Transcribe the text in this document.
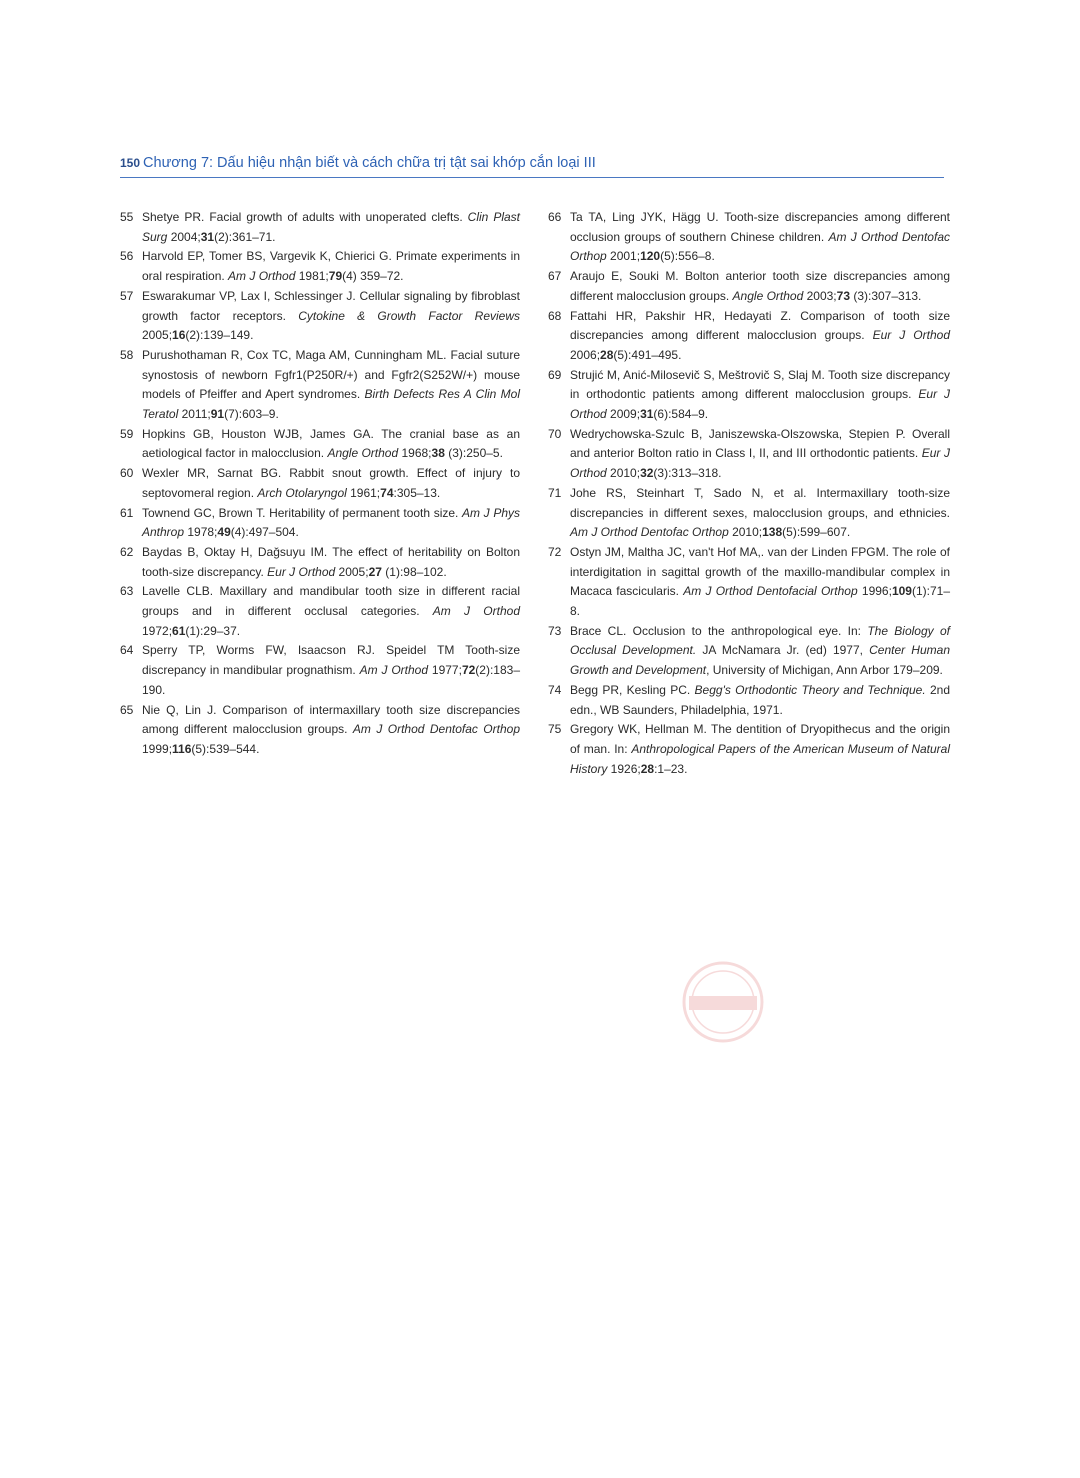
150 Chương 7: Dấu hiệu nhận biết và cách chữa trị tật sai khớp cắn loại III

55 Shetye PR. Facial growth of adults with unoperated clefts. Clin Plast Surg 2004;31(2):361–71.

56 Harvold EP, Tomer BS, Vargevik K, Chierici G. Primate experiments in oral respiration. Am J Orthod 1981;79(4) 359–72.

57 Eswarakumar VP, Lax I, Schlessinger J. Cellular signaling by fibroblast growth factor receptors. Cytokine & Growth Factor Reviews 2005;16(2):139–149.

58 Purushothaman R, Cox TC, Maga AM, Cunningham ML. Facial suture synostosis of newborn Fgfr1(P250R/+) and Fgfr2(S252W/+) mouse models of Pfeiffer and Apert syndromes. Birth Defects Res A Clin Mol Teratol 2011;91(7):603–9.

59 Hopkins GB, Houston WJB, James GA. The cranial base as an aetiological factor in malocclusion. Angle Orthod 1968;38 (3):250–5.

60 Wexler MR, Sarnat BG. Rabbit snout growth. Effect of injury to septovomeral region. Arch Otolaryngol 1961;74:305–13.

61 Townend GC, Brown T. Heritability of permanent tooth size. Am J Phys Anthrop 1978;49(4):497–504.

62 Baydas B, Oktay H, Dağsuyu IM. The effect of heritability on Bolton tooth-size discrepancy. Eur J Orthod 2005;27 (1):98–102.

63 Lavelle CLB. Maxillary and mandibular tooth size in different racial groups and in different occlusal categories. Am J Orthod 1972;61(1):29–37.

64 Sperry TP, Worms FW, Isaacson RJ. Speidel TM Tooth-size discrepancy in mandibular prognathism. Am J Orthod 1977;72(2):183–190.

65 Nie Q, Lin J. Comparison of intermaxillary tooth size discrepancies among different malocclusion groups. Am J Orthod Dentofac Orthop 1999;116(5):539–544.

66 Ta TA, Ling JYK, Hägg U. Tooth-size discrepancies among different occlusion groups of southern Chinese children. Am J Orthod Dentofac Orthop 2001;120(5):556–8.

67 Araujo E, Souki M. Bolton anterior tooth size discrepancies among different malocclusion groups. Angle Orthod 2003;73 (3):307–313.

68 Fattahi HR, Pakshir HR, Hedayati Z. Comparison of tooth size discrepancies among different malocclusion groups. Eur J Orthod 2006;28(5):491–495.

69 Strujić M, Anić-Milosevič S, Meštrovič S, Slaj M. Tooth size discrepancy in orthodontic patients among different malocclusion groups. Eur J Orthod 2009;31(6):584–9.

70 Wedrychowska-Szulc B, Janiszewska-Olszowska, Stepien P. Overall and anterior Bolton ratio in Class I, II, and III orthodontic patients. Eur J Orthod 2010;32(3):313–318.

71 Johe RS, Steinhart T, Sado N, et al. Intermaxillary tooth-size discrepancies in different sexes, malocclusion groups, and ethnicies. Am J Orthod Dentofac Orthop 2010;138(5):599–607.

72 Ostyn JM, Maltha JC, van't Hof MA,. van der Linden FPGM. The role of interdigitation in sagittal growth of the maxillo-mandibular complex in Macaca fascicularis. Am J Orthod Dentofacial Orthop 1996;109(1):71–8.

73 Brace CL. Occlusion to the anthropological eye. In: The Biology of Occlusal Development. JA McNamara Jr. (ed) 1977, Center Human Growth and Development, University of Michigan, Ann Arbor 179–209.

74 Begg PR, Kesling PC. Begg's Orthodontic Theory and Technique. 2nd edn., WB Saunders, Philadelphia, 1971.

75 Gregory WK, Hellman M. The dentition of Dryopithecus and the origin of man. In: Anthropological Papers of the American Museum of Natural History 1926;28:1–23.
